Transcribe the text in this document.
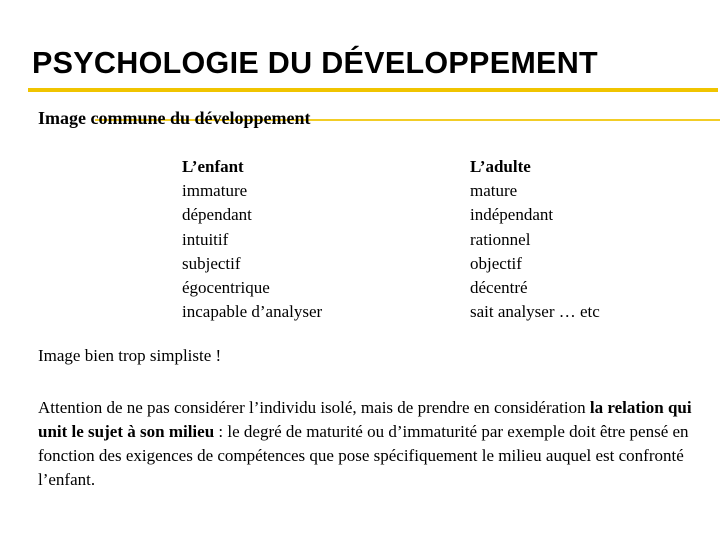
PSYCHOLOGIE DU DÉVELOPPEMENT
Image commune du développement
L’enfant
immature
dépendant
intuitif
subjectif
égocentrique
incapable d’analyser
L’adulte
mature
indépendant
rationnel
objectif
décentré
sait analyser … etc
Image bien trop simpliste !
Attention de ne pas considérer l’individu isolé, mais de prendre en considération la relation qui unit le sujet à son milieu : le degré de maturité ou d’immaturité par exemple doit être pensé en fonction des exigences de compétences que pose spécifiquement le milieu auquel est confronté l’enfant.
